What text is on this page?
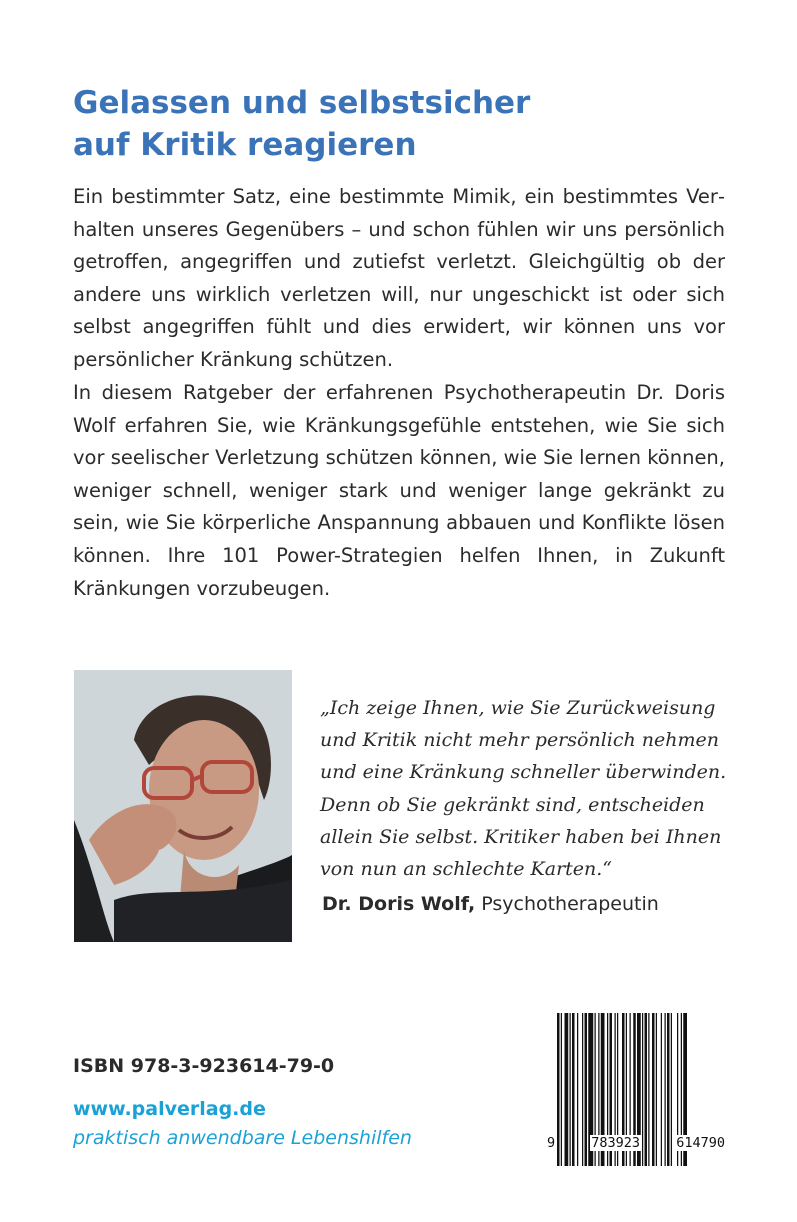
Gelassen und selbstsicher
auf Kritik reagieren

Ein bestimmter Satz, eine bestimmte Mimik, ein bestimmtes Verhalten unseres Gegenübers – und schon fühlen wir uns persönlich getroffen, angegriffen und zutiefst verletzt. Gleichgültig ob der andere uns wirklich verletzen will, nur ungeschickt ist oder sich selbst angegriffen fühlt und dies erwidert, wir können uns vor persönlicher Kränkung schützen.

In diesem Ratgeber der erfahrenen Psychotherapeutin Dr. Doris Wolf erfahren Sie, wie Kränkungsgefühle entstehen, wie Sie sich vor seelischer Verletzung schützen können, wie Sie lernen können, weniger schnell, weniger stark und weniger lange gekränkt zu sein, wie Sie körperliche Anspannung abbauen und Konflikte lösen können. Ihre 101 Power-Strategien helfen Ihnen, in Zukunft Kränkungen vorzubeugen.

„Ich zeige Ihnen, wie Sie Zurückweisung
und Kritik nicht mehr persönlich nehmen
und eine Kränkung schneller überwinden.
Denn ob Sie gekränkt sind, entscheiden
allein Sie selbst. Kritiker haben bei Ihnen
von nun an schlechte Karten.“

Dr. Doris Wolf, Psychotherapeutin

ISBN 978-3-923614-79-0

www.palverlag.de

praktisch anwendbare Lebenshilfen	9	783923	614790
